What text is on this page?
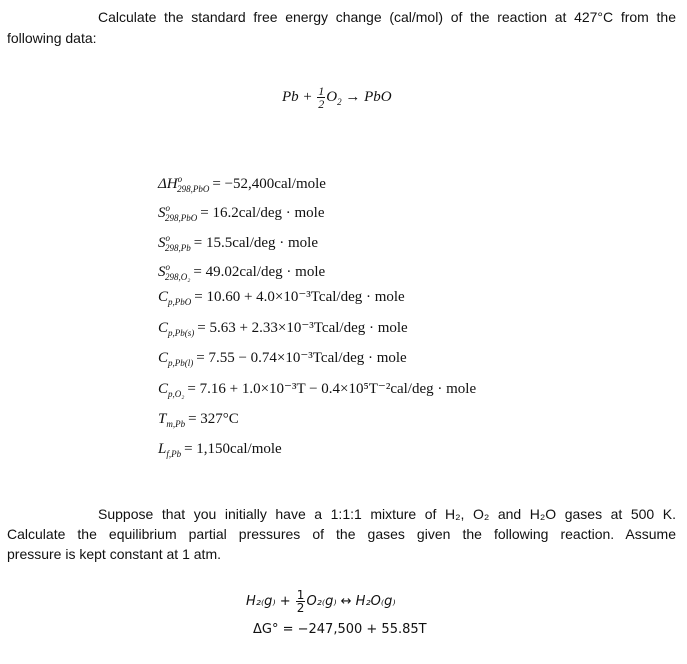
Calculate the standard free energy change (cal/mol) of the reaction at 427°C from the
following data:
$Pb + \frac{1}{2} O_2$ → PbO
$\Delta H^o_{298,PbO}$ = −52,400cal/mole
$S^o_{298,PbO} = 16.2cal/deg$ · mole
$S^o_{298,Pb} = 15.5cal/deg$ · mole
$S^o_{298,O_2} = 49.02cal/deg$ · mole
$C_{p,PbO} = 10.60$ + 4.0×10⁻³Tcal/deg · mole
$C_{p,Pb(s)} = 5.63$ + 2.33×10⁻³Tcal/deg · mole
$C_{p,Pb(l)} = 7.55$ − 0.74×10⁻³Tcal/deg · mole
$C_{p,O_2} = 7.16 + 1.0\times 10^{-3}T - 0.4\times 10^5T^{-2}cal/deg$ · mole
$T_{m,Pb} = 327^\circ C$
$L_{f,Pb}$ = 1,150cal/mole
Suppose that you initially have a 1:1:1 mixture of H₂, O₂ and H₂O gases at 500 K.
Calculate the equilibrium partial pressures of the gases given the following reaction. Assume
pressure is kept constant at 1 atm.
$H_{2(}g_) + \frac{1}{2} O_{2(}g_)$ ↔ H₂O₍g₎
ΔG° = −247,500 + 55.85T
